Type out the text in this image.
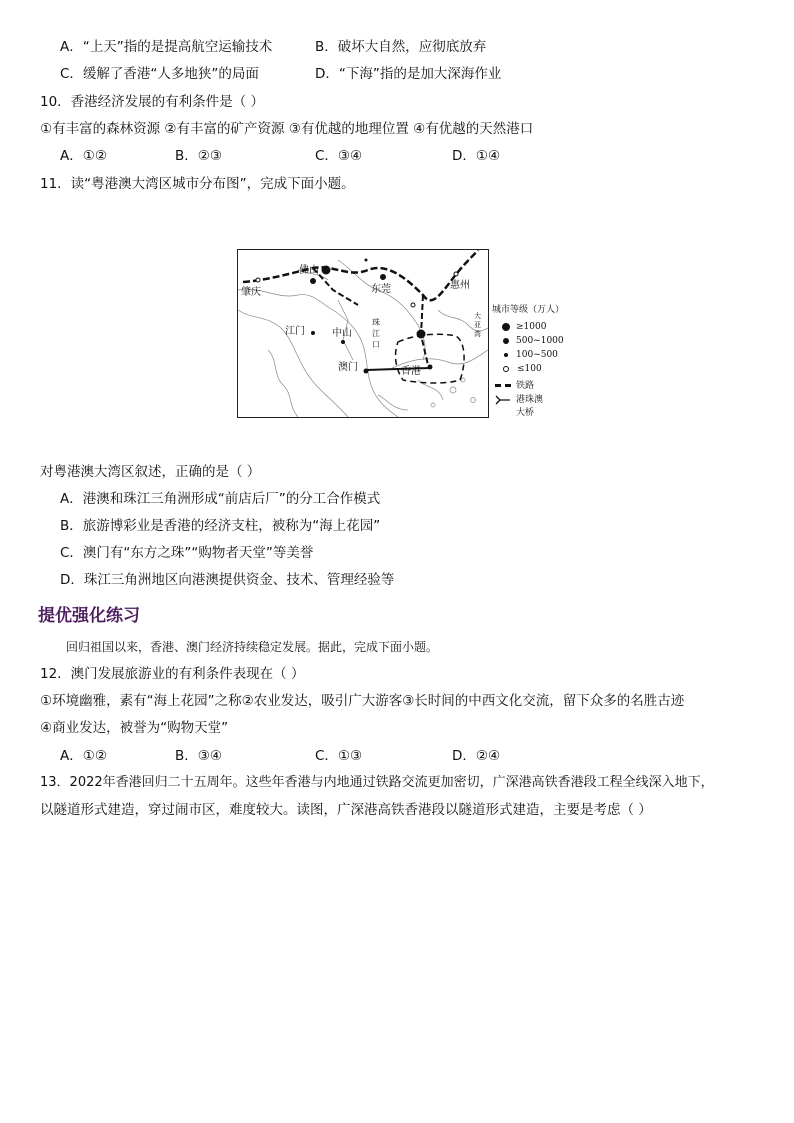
A．“上天”指的是提高航空运输技术	B．破坏大自然，应彻底放弃
C．缓解了香港“人多地狭”的局面	D．“下海”指的是加大深海作业
10．香港经济发展的有利条件是（ ）
①有丰富的森林资源 ②有丰富的矿产资源 ③有优越的地理位置 ④有优越的天然港口
A．①②	B．②③	C．③④	D．①④
11．读“粤港澳大湾区城市分布图”，完成下面小题。
佛山
肇庆	东莞	惠州
江门	中山
澳门	香港
珠 江 口
大 亚 湾
城市等级（万人）
≥1000
500~1000
100~500
≤100
铁路
港珠澳
大桥
对粤港澳大湾区叙述，正确的是（ ）
A．港澳和珠江三角洲形成“前店后厂”的分工合作模式
B．旅游博彩业是香港的经济支柱，被称为“海上花园”
C．澳门有“东方之珠”“购物者天堂”等美誉
D．珠江三角洲地区向港澳提供资金、技术、管理经验等
提优强化练习
回归祖国以来，香港、澳门经济持续稳定发展。据此，完成下面小题。
12．澳门发展旅游业的有利条件表现在（ ）
①环境幽雅，素有“海上花园”之称②农业发达，吸引广大游客③长时间的中西文化交流，留下众多的名胜古迹
④商业发达，被誉为“购物天堂”
A．①②	B．③④	C．①③	D．②④
13．2022年香港回归二十五周年。这些年香港与内地通过铁路交流更加密切，广深港高铁香港段工程全线深入地下，
以隧道形式建造，穿过闹市区，难度较大。读图，广深港高铁香港段以隧道形式建造，主要是考虑（ ）
